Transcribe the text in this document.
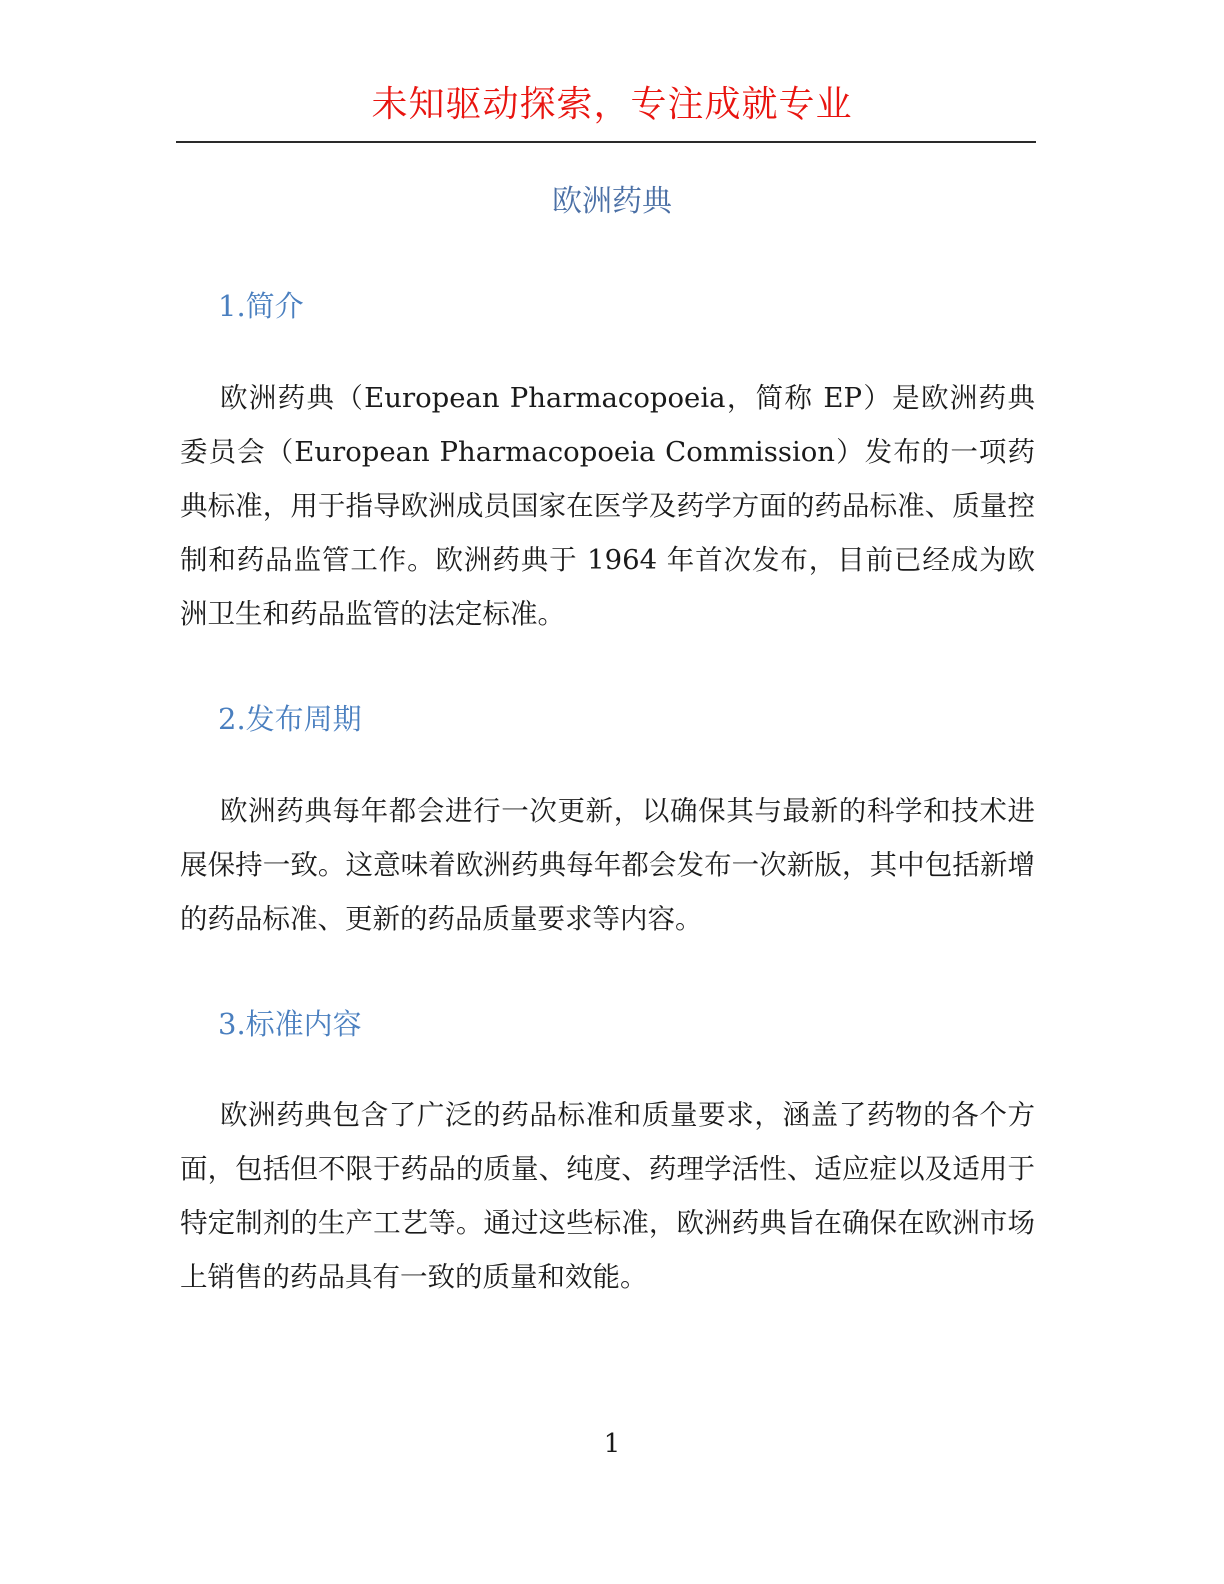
未知驱动探索，专注成就专业
欧洲药典
1.简介
欧洲药典（European Pharmacopoeia，简称 EP）是欧洲药典委员会（European Pharmacopoeia Commission）发布的一项药典标准，用于指导欧洲成员国家在医学及药学方面的药品标准、质量控制和药品监管工作。欧洲药典于 1964 年首次发布，目前已经成为欧洲卫生和药品监管的法定标准。
2.发布周期
欧洲药典每年都会进行一次更新，以确保其与最新的科学和技术进展保持一致。这意味着欧洲药典每年都会发布一次新版，其中包括新增的药品标准、更新的药品质量要求等内容。
3.标准内容
欧洲药典包含了广泛的药品标准和质量要求，涵盖了药物的各个方面，包括但不限于药品的质量、纯度、药理学活性、适应症以及适用于特定制剂的生产工艺等。通过这些标准，欧洲药典旨在确保在欧洲市场上销售的药品具有一致的质量和效能。
1
